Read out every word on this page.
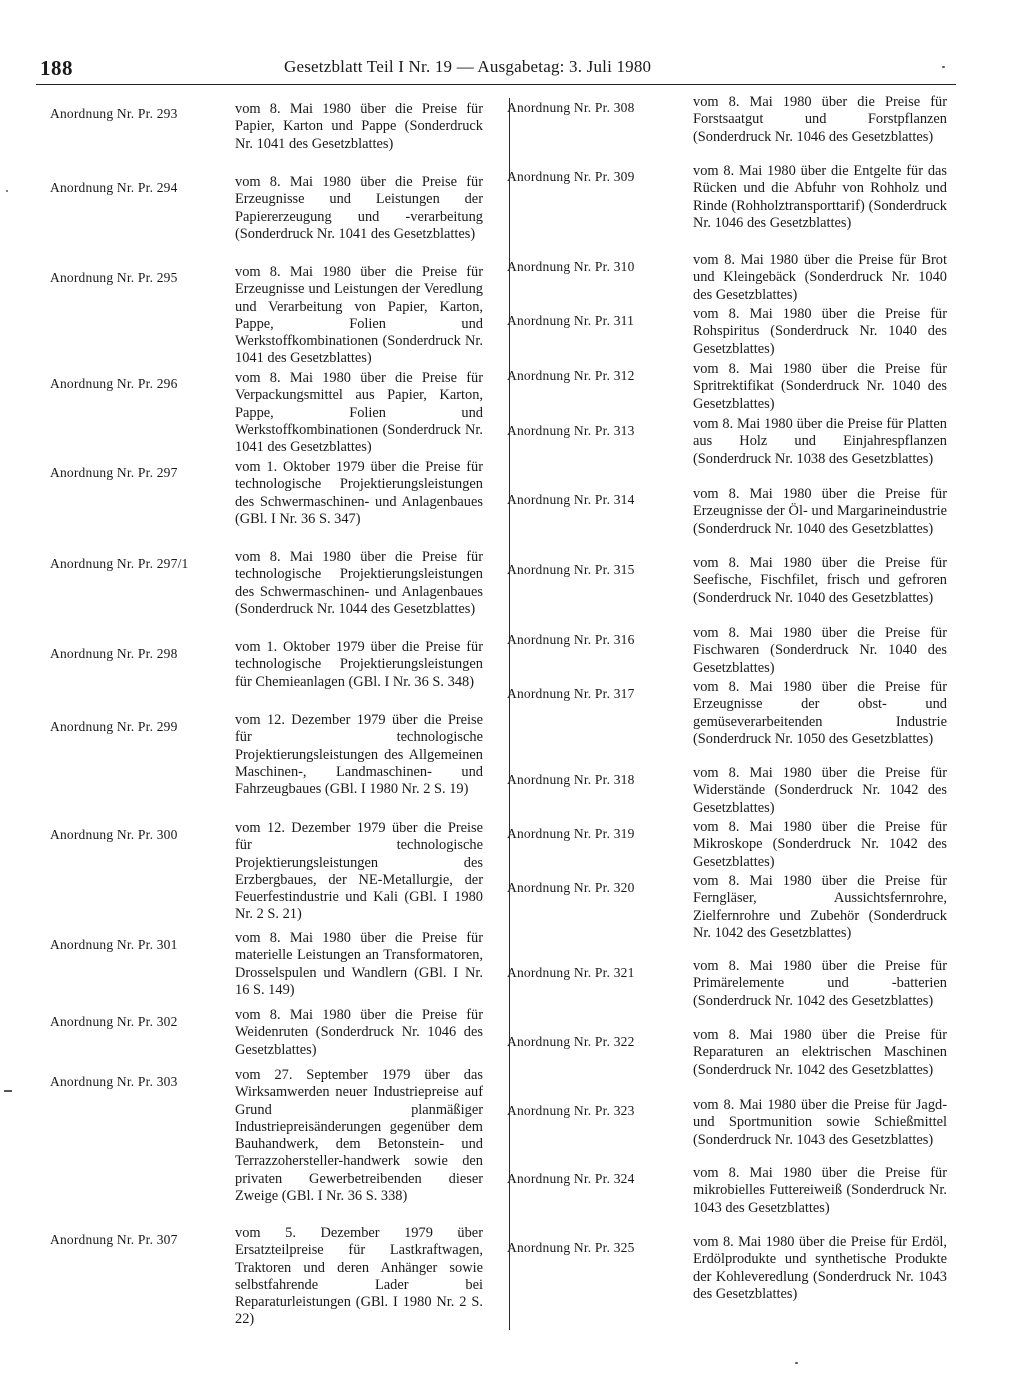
188	Gesetzblatt Teil I Nr. 19 — Ausgabetag: 3. Juli 1980
Anordnung Nr. Pr. 293	vom 8. Mai 1980 über die Preise für Papier, Karton und Pappe (Sonderdruck Nr. 1041 des Gesetzblattes)
Anordnung Nr. Pr. 294	vom 8. Mai 1980 über die Preise für Erzeugnisse und Leistungen der Papiererzeugung und -verarbeitung (Sonderdruck Nr. 1041 des Gesetzblattes)
Anordnung Nr. Pr. 295	vom 8. Mai 1980 über die Preise für Erzeugnisse und Leistungen der Veredlung und Verarbeitung von Papier, Karton, Pappe, Folien und Werkstoffkombinationen (Sonderdruck Nr. 1041 des Gesetzblattes)
Anordnung Nr. Pr. 296	vom 8. Mai 1980 über die Preise für Verpackungsmittel aus Papier, Karton, Pappe, Folien und Werkstoffkombinationen (Sonderdruck Nr. 1041 des Gesetzblattes)
Anordnung Nr. Pr. 297	vom 1. Oktober 1979 über die Preise für technologische Projektierungsleistungen des Schwermaschinen- und Anlagenbaues (GBl. I Nr. 36 S. 347)
Anordnung Nr. Pr. 297/1	vom 8. Mai 1980 über die Preise für technologische Projektierungsleistungen des Schwermaschinen- und Anlagenbaues (Sonderdruck Nr. 1044 des Gesetzblattes)
Anordnung Nr. Pr. 298	vom 1. Oktober 1979 über die Preise für technologische Projektierungsleistungen für Chemieanlagen (GBl. I Nr. 36 S. 348)
Anordnung Nr. Pr. 299	vom 12. Dezember 1979 über die Preise für technologische Projektierungsleistungen des Allgemeinen Maschinen-, Landmaschinen- und Fahrzeugbaues (GBl. I 1980 Nr. 2 S. 19)
Anordnung Nr. Pr. 300	vom 12. Dezember 1979 über die Preise für technologische Projektierungsleistungen des Erzbergbaues, der NE-Metallurgie, der Feuerfestindustrie und Kali (GBl. I 1980 Nr. 2 S. 21)
Anordnung Nr. Pr. 301	vom 8. Mai 1980 über die Preise für materielle Leistungen an Transformatoren, Drosselspulen und Wandlern (GBl. I Nr. 16 S. 149)
Anordnung Nr. Pr. 302	vom 8. Mai 1980 über die Preise für Weidenruten (Sonderdruck Nr. 1046 des Gesetzblattes)
Anordnung Nr. Pr. 303	vom 27. September 1979 über das Wirksamwerden neuer Industriepreise auf Grund planmäßiger Industriepreisänderungen gegenüber dem Bauhandwerk, dem Betonstein- und Terrazzohersteller-handwerk sowie den privaten Gewerbetreibenden dieser Zweige (GBl. I Nr. 36 S. 338)
Anordnung Nr. Pr. 307	vom 5. Dezember 1979 über Ersatzteilpreise für Lastkraftwagen, Traktoren und deren Anhänger sowie selbstfahrende Lader bei Reparaturleistungen (GBl. I 1980 Nr. 2 S. 22)
Anordnung Nr. Pr. 308	vom 8. Mai 1980 über die Preise für Forstsaatgut und Forstpflanzen (Sonderdruck Nr. 1046 des Gesetzblattes)
Anordnung Nr. Pr. 309	vom 8. Mai 1980 über die Entgelte für das Rücken und die Abfuhr von Rohholz und Rinde (Rohholztransporttarif) (Sonderdruck Nr. 1046 des Gesetzblattes)
Anordnung Nr. Pr. 310	vom 8. Mai 1980 über die Preise für Brot und Kleingebäck (Sonderdruck Nr. 1040 des Gesetzblattes)
Anordnung Nr. Pr. 311	vom 8. Mai 1980 über die Preise für Rohspiritus (Sonderdruck Nr. 1040 des Gesetzblattes)
Anordnung Nr. Pr. 312	vom 8. Mai 1980 über die Preise für Spritrektifikat (Sonderdruck Nr. 1040 des Gesetzblattes)
Anordnung Nr. Pr. 313	vom 8. Mai 1980 über die Preise für Platten aus Holz und Einjahrespflanzen (Sonderdruck Nr. 1038 des Gesetzblattes)
Anordnung Nr. Pr. 314	vom 8. Mai 1980 über die Preise für Erzeugnisse der Öl- und Margarineindustrie (Sonderdruck Nr. 1040 des Gesetzblattes)
Anordnung Nr. Pr. 315	vom 8. Mai 1980 über die Preise für Seefische, Fischfilet, frisch und gefroren (Sonderdruck Nr. 1040 des Gesetzblattes)
Anordnung Nr. Pr. 316	vom 8. Mai 1980 über die Preise für Fischwaren (Sonderdruck Nr. 1040 des Gesetzblattes)
Anordnung Nr. Pr. 317	vom 8. Mai 1980 über die Preise für Erzeugnisse der obst- und gemüseverarbeitenden Industrie (Sonderdruck Nr. 1050 des Gesetzblattes)
Anordnung Nr. Pr. 318	vom 8. Mai 1980 über die Preise für Widerstände (Sonderdruck Nr. 1042 des Gesetzblattes)
Anordnung Nr. Pr. 319	vom 8. Mai 1980 über die Preise für Mikroskope (Sonderdruck Nr. 1042 des Gesetzblattes)
Anordnung Nr. Pr. 320	vom 8. Mai 1980 über die Preise für Ferngläser, Aussichtsfernrohre, Zielfernrohre und Zubehör (Sonderdruck Nr. 1042 des Gesetzblattes)
Anordnung Nr. Pr. 321	vom 8. Mai 1980 über die Preise für Primärelemente und -batterien (Sonderdruck Nr. 1042 des Gesetzblattes)
Anordnung Nr. Pr. 322	vom 8. Mai 1980 über die Preise für Reparaturen an elektrischen Maschinen (Sonderdruck Nr. 1042 des Gesetzblattes)
Anordnung Nr. Pr. 323	vom 8. Mai 1980 über die Preise für Jagd- und Sportmunition sowie Schießmittel (Sonderdruck Nr. 1043 des Gesetzblattes)
Anordnung Nr. Pr. 324	vom 8. Mai 1980 über die Preise für mikrobielles Futtereiweiß (Sonderdruck Nr. 1043 des Gesetzblattes)
Anordnung Nr. Pr. 325	vom 8. Mai 1980 über die Preise für Erdöl, Erdölprodukte und synthetische Produkte der Kohleveredlung (Sonderdruck Nr. 1043 des Gesetzblattes)
